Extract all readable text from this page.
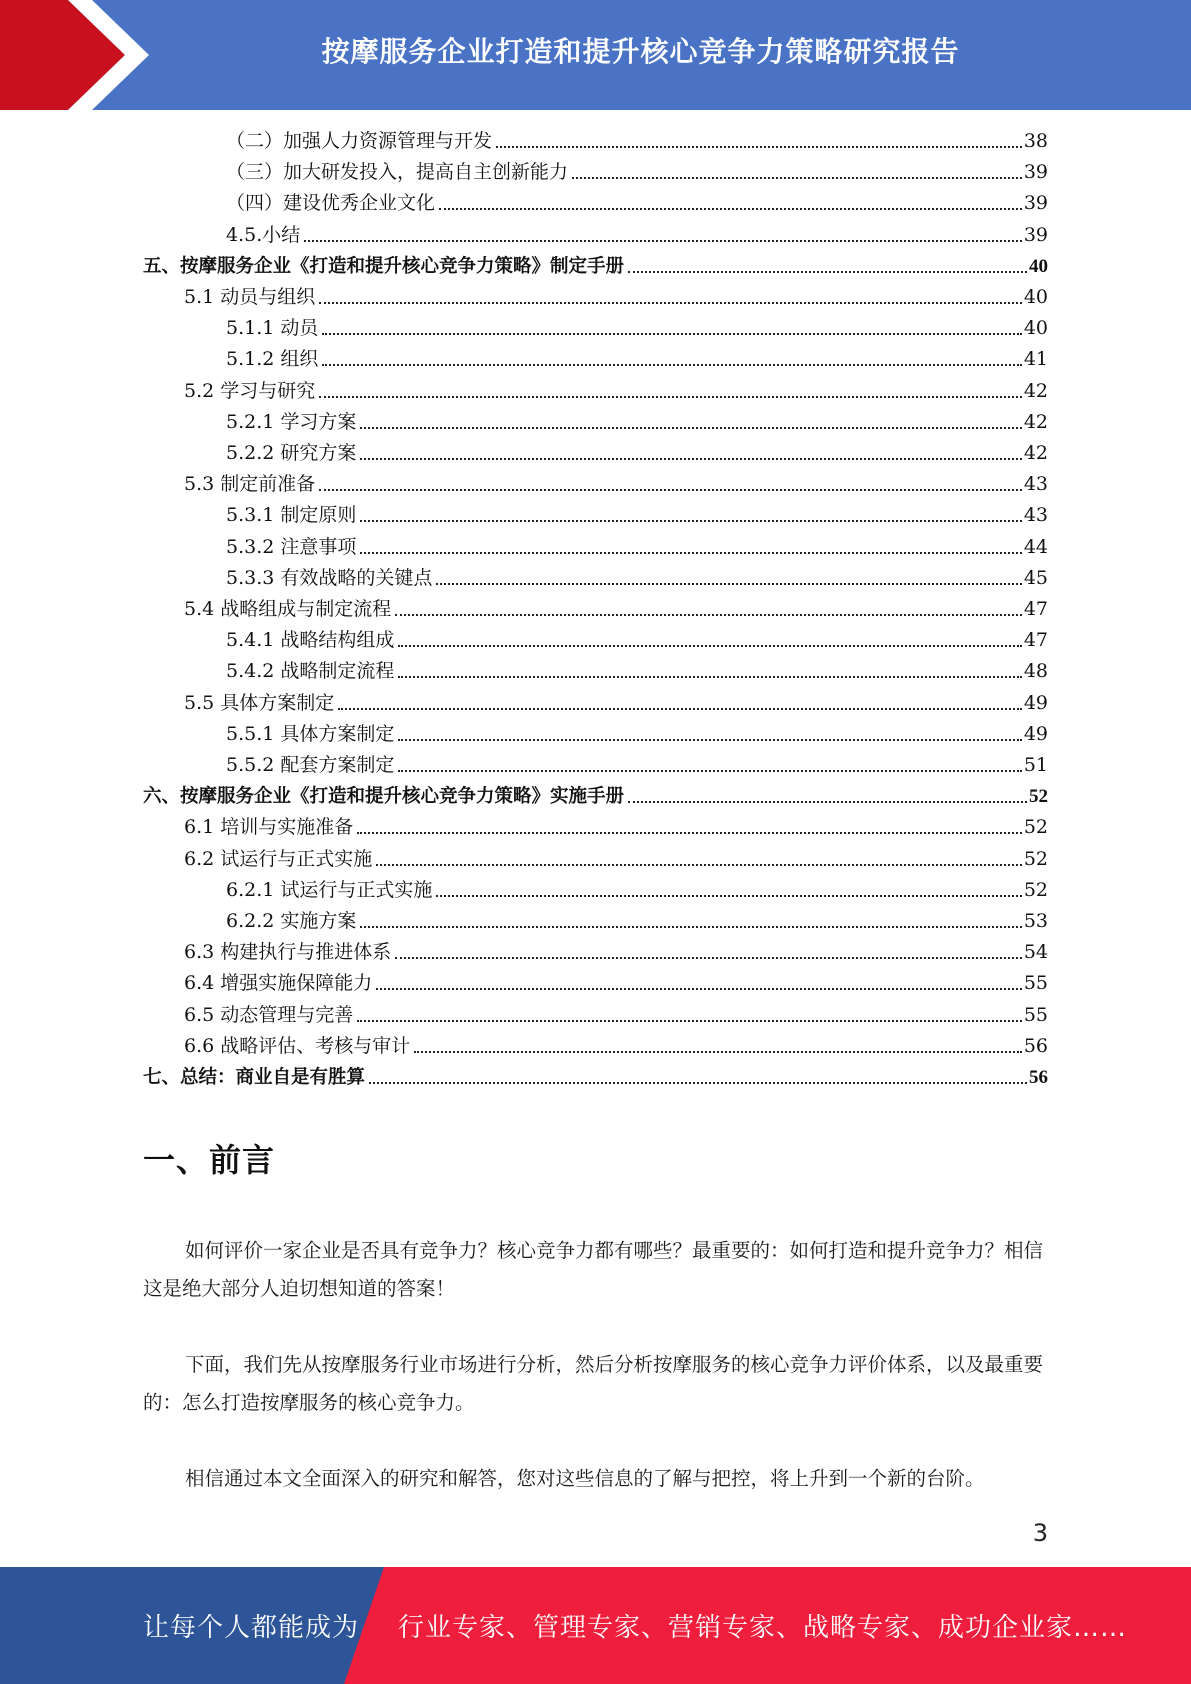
按摩服务企业打造和提升核心竞争力策略研究报告
（二）加强人力资源管理与开发	38
（三）加大研发投入，提高自主创新能力	39
（四）建设优秀企业文化	39
4.5.小结	39
五、按摩服务企业《打造和提升核心竞争力策略》制定手册	40
5.1 动员与组织	40
5.1.1 动员	40
5.1.2 组织	41
5.2 学习与研究	42
5.2.1 学习方案	42
5.2.2 研究方案	42
5.3 制定前准备	43
5.3.1 制定原则	43
5.3.2 注意事项	44
5.3.3 有效战略的关键点	45
5.4 战略组成与制定流程	47
5.4.1 战略结构组成	47
5.4.2 战略制定流程	48
5.5 具体方案制定	49
5.5.1 具体方案制定	49
5.5.2 配套方案制定	51
六、按摩服务企业《打造和提升核心竞争力策略》实施手册	52
6.1 培训与实施准备	52
6.2 试运行与正式实施	52
6.2.1 试运行与正式实施	52
6.2.2 实施方案	53
6.3 构建执行与推进体系	54
6.4 增强实施保障能力	55
6.5 动态管理与完善	55
6.6 战略评估、考核与审计	56
七、总结：商业自是有胜算	56
一、前言
如何评价一家企业是否具有竞争力？核心竞争力都有哪些？最重要的：如何打造和提升竞争力？相信这是绝大部分人迫切想知道的答案！
下面，我们先从按摩服务行业市场进行分析，然后分析按摩服务的核心竞争力评价体系，以及最重要的：怎么打造按摩服务的核心竞争力。
相信通过本文全面深入的研究和解答，您对这些信息的了解与把控，将上升到一个新的台阶。
3
让每个人都能成为 行业专家、管理专家、营销专家、战略专家、成功企业家……
